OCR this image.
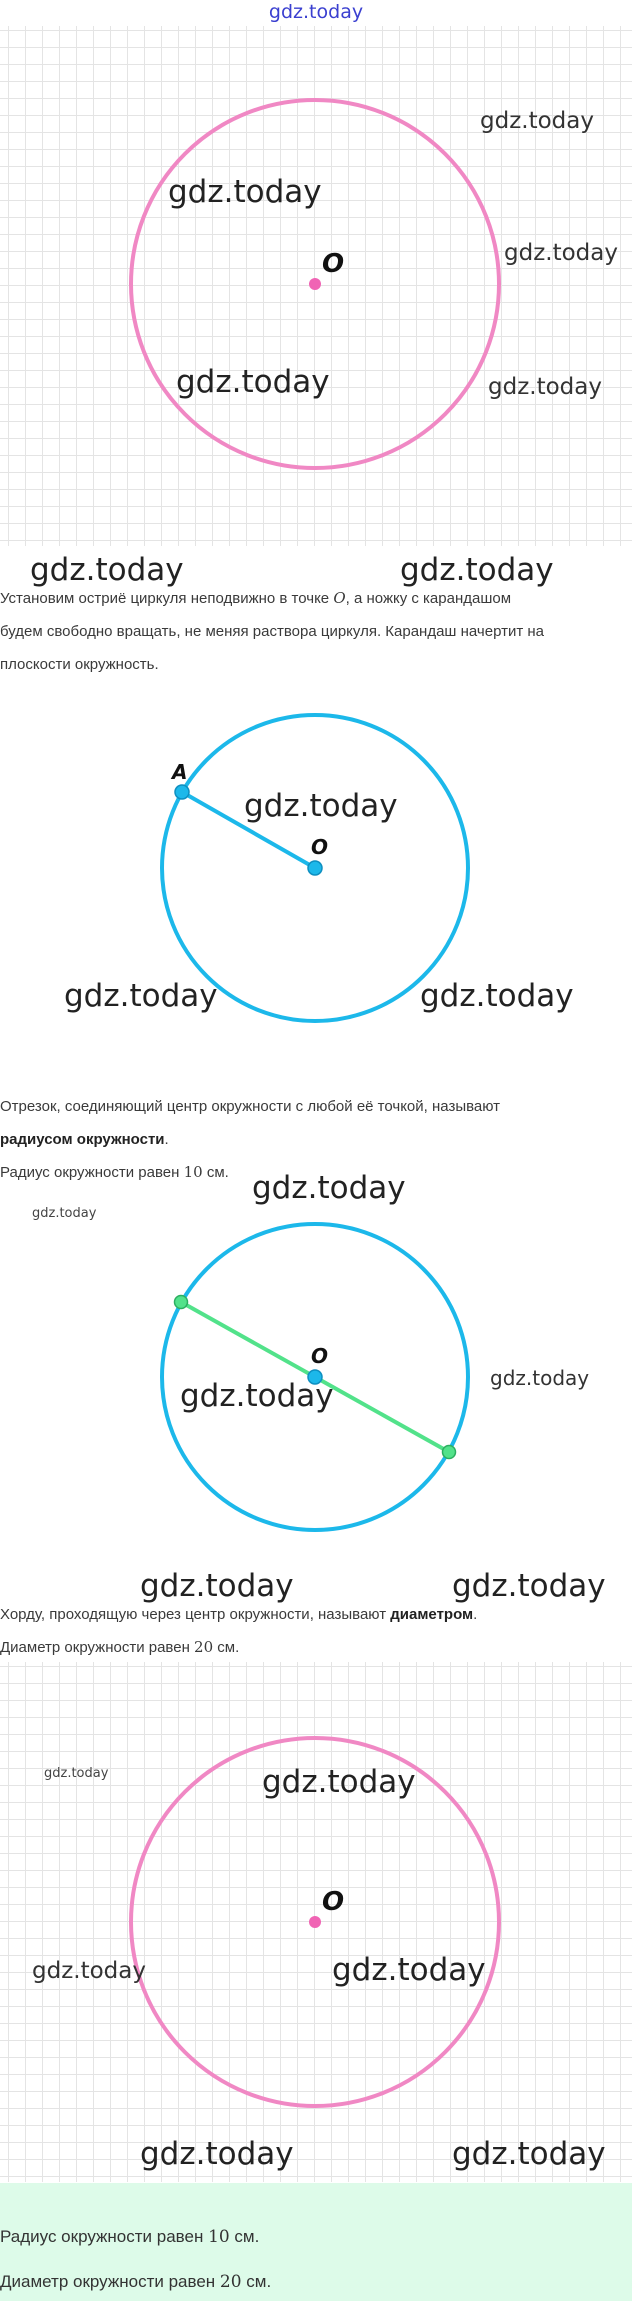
gdz.today
O
gdz.today
gdz.today
gdz.today
gdz.today	gdz.today
gdz.today	gdz.today
Установим остриё циркуля неподвижно в точке O, а ножку с карандашом
будем свободно вращать, не меняя раствора циркуля. Карандаш начертит на
плоскости окружность.
A
O
gdz.today
gdz.today	gdz.today
Отрезок, соединяющий центр окружности с любой её точкой, называют
радиусом окружности.
Радиус окружности равен 10 см.
O
gdz.today
gdz.today
gdz.today	gdz.today
gdz.today	gdz.today
Хорду, проходящую через центр окружности, называют диаметром.
Диаметр окружности равен 20 см.
O
gdz.today	gdz.today
gdz.today	gdz.today
gdz.today	gdz.today
Радиус окружности равен 10 см.
Диаметр окружности равен 20 см.
